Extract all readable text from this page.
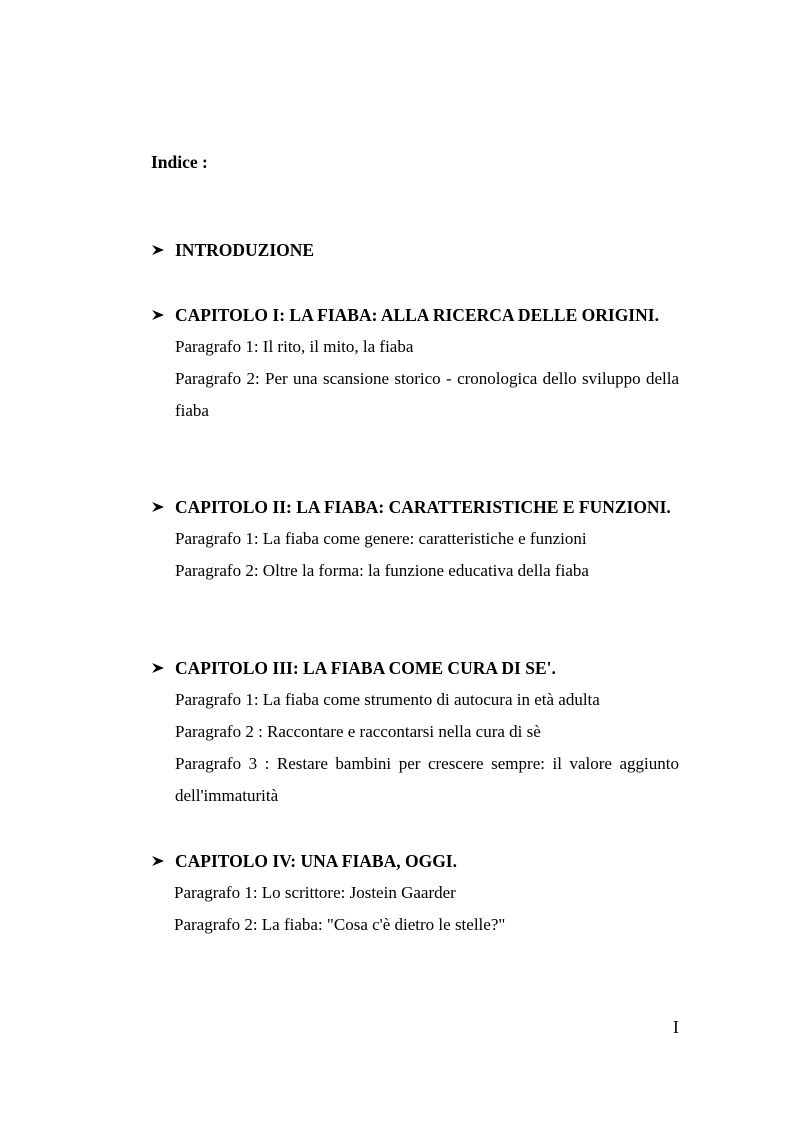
Indice :
INTRODUZIONE
CAPITOLO I: LA FIABA: ALLA RICERCA DELLE ORIGINI.
Paragrafo 1: Il rito, il mito, la fiaba
Paragrafo 2: Per una scansione storico - cronologica dello sviluppo della fiaba
CAPITOLO II: LA FIABA: CARATTERISTICHE E FUNZIONI.
Paragrafo 1: La fiaba come genere: caratteristiche e funzioni
Paragrafo 2: Oltre la forma: la funzione educativa della fiaba
CAPITOLO III: LA FIABA COME CURA DI SE'.
Paragrafo 1: La fiaba come strumento di autocura in età adulta
Paragrafo 2 : Raccontare e raccontarsi nella cura di sè
Paragrafo 3 : Restare bambini per crescere sempre: il valore aggiunto dell'immaturità
CAPITOLO IV: UNA FIABA, OGGI.
Paragrafo 1: Lo scrittore: Jostein Gaarder
Paragrafo 2: La fiaba: "Cosa c'è dietro le stelle?"
I
